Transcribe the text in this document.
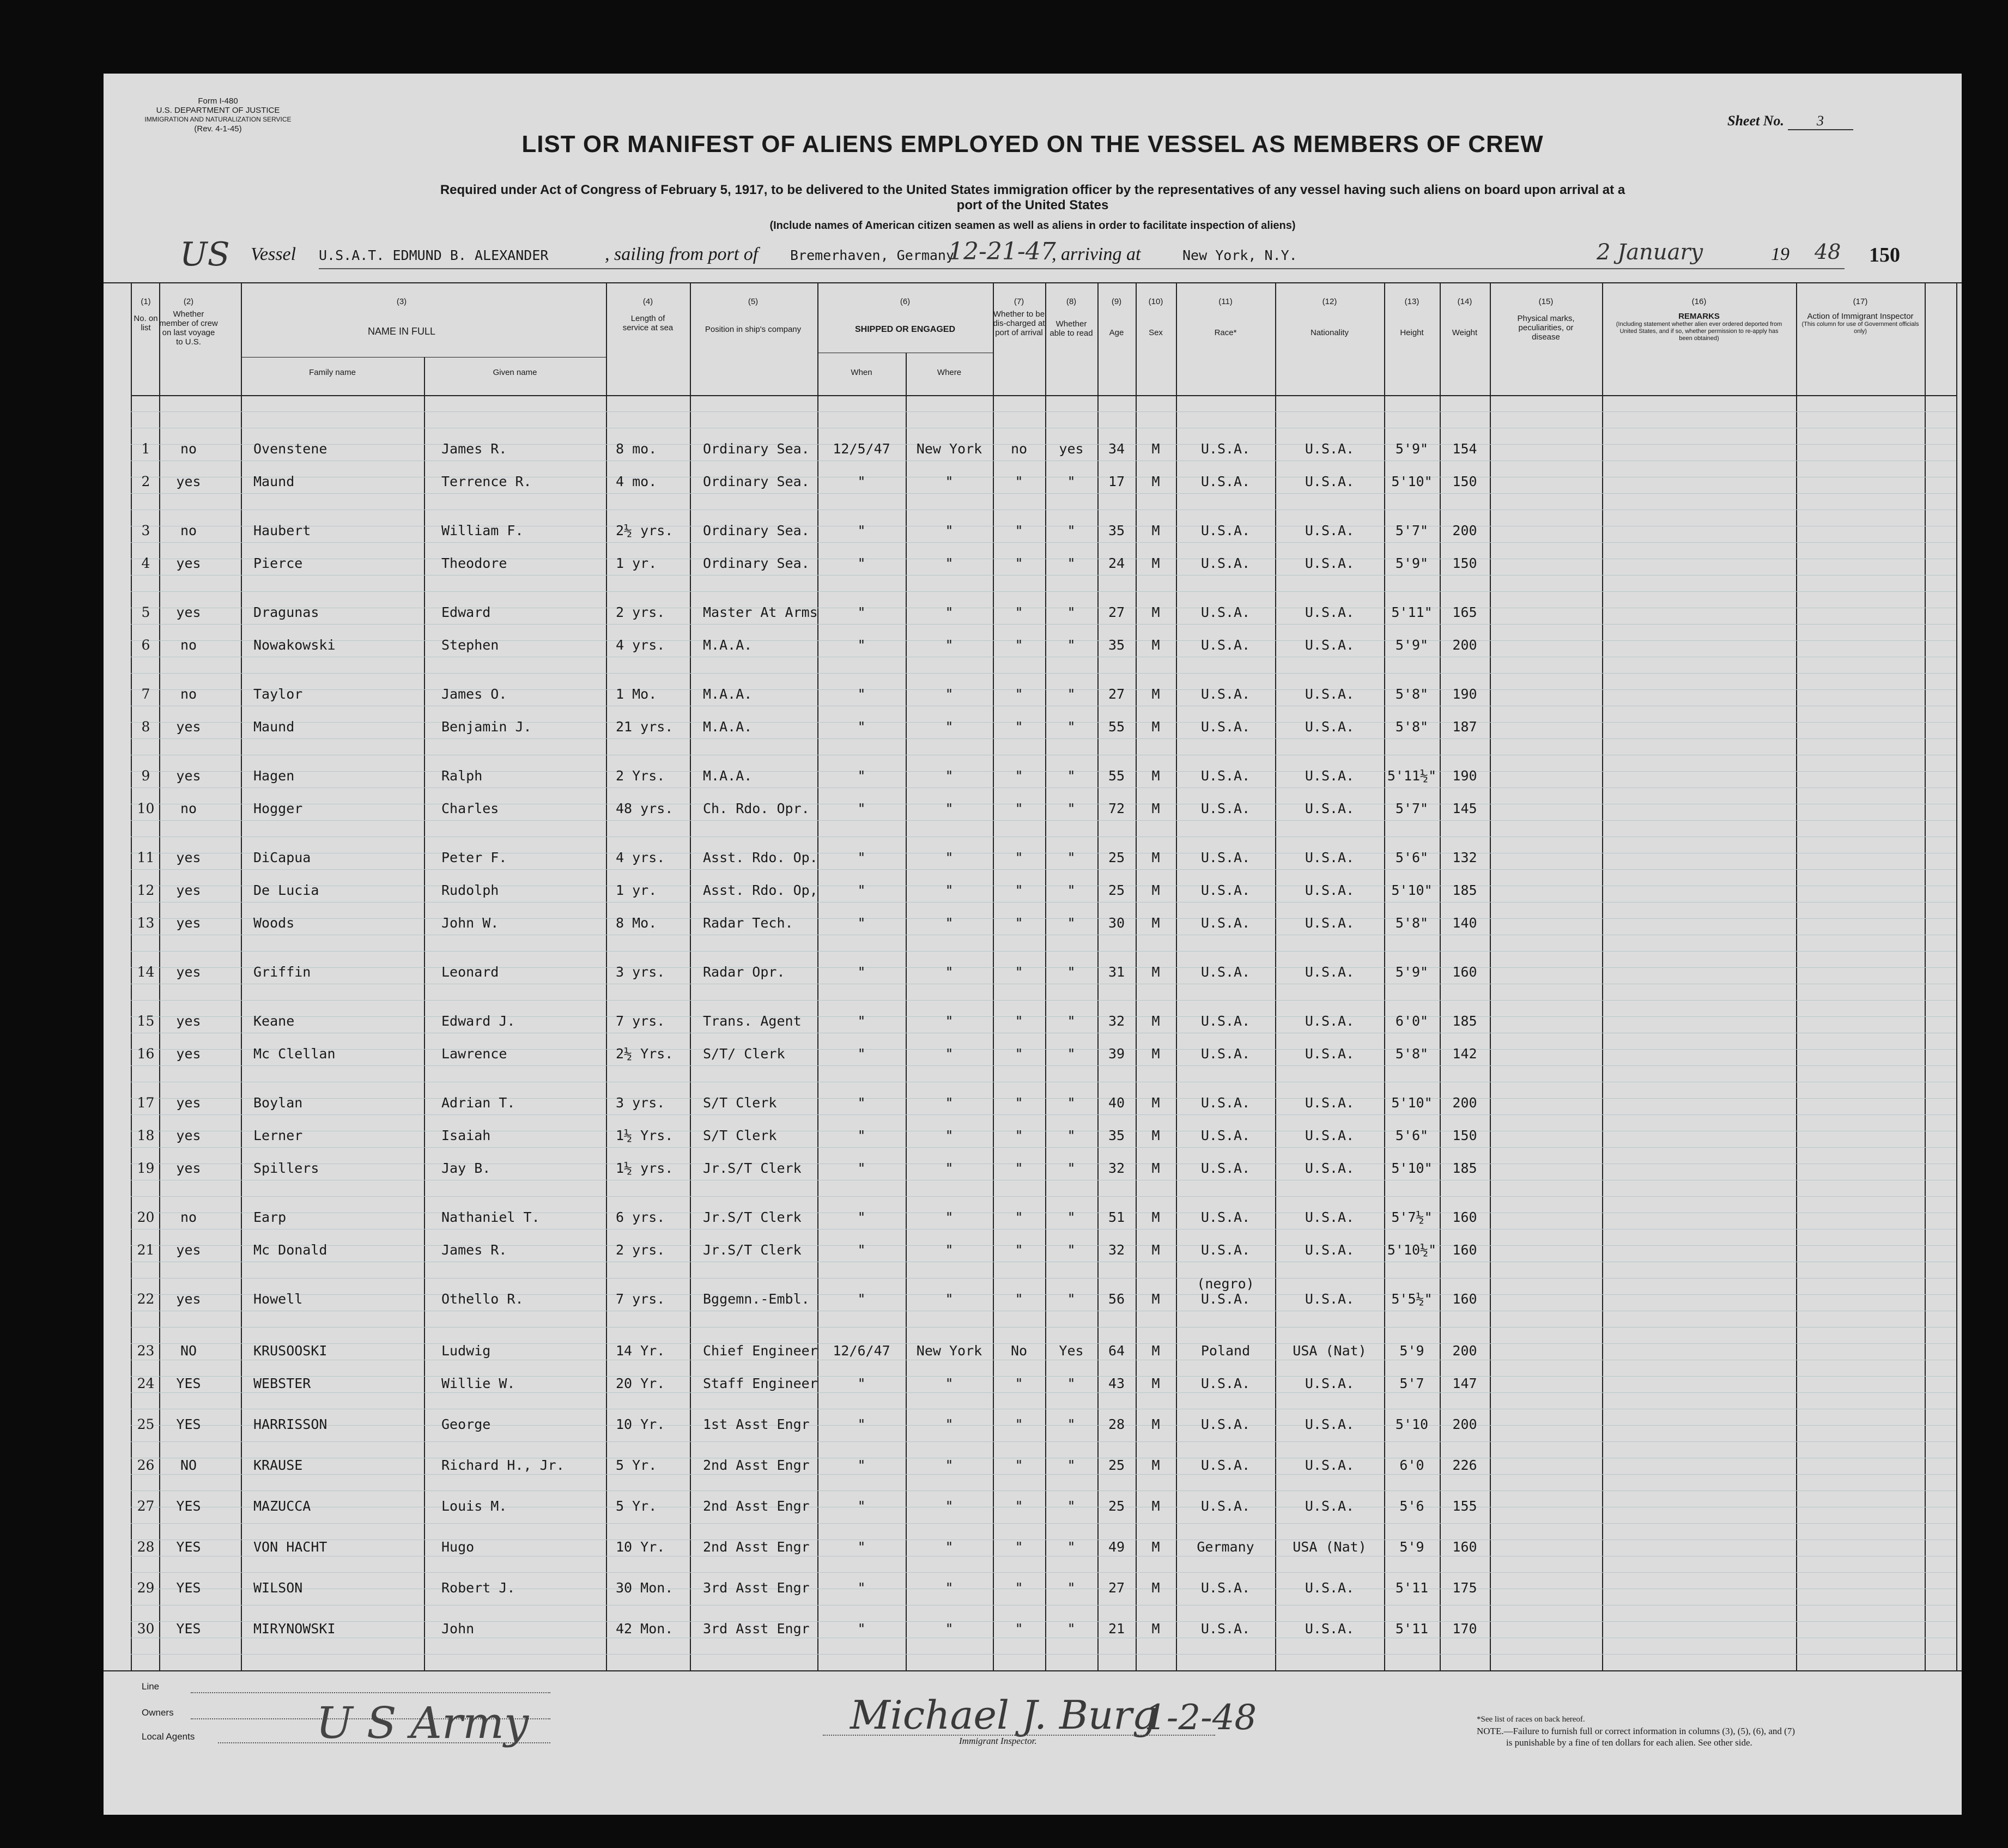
Form I-480
U.S. DEPARTMENT OF JUSTICE
IMMIGRATION AND NATURALIZATION SERVICE
(Rev. 4-1-45)
Sheet No. 3
LIST OR MANIFEST OF ALIENS EMPLOYED ON THE VESSEL AS MEMBERS OF CREW
Required under Act of Congress of February 5, 1917, to be delivered to the United States immigration officer by the representatives of any vessel having such aliens on board upon arrival at a
port of the United States
(Include names of American citizen seamen as well as aliens in order to facilitate inspection of aliens)
US Vessel U.S.A.T. EDMUND B. ALEXANDER	, sailing from port of Bremerhaven, Germany
12-21-47
, arriving at	New York, N.Y.	2 January	19 48 150
(1)
No. on list
(2)
Whether member of crew on last voyage to U.S.
(3)
NAME IN FULL
Family name	Given name
(4)
Length of service at sea
(5)
Position in ship's company
(6)
SHIPPED OR ENGAGED
When	Where
(7)
Whether to be dis-charged at port of arrival
(8)
Whether able to read
(9)
Age
(10)
Sex
(11)
Race*
(12)
Nationality
(13)
Height
(14)
Weight
(15)
Physical marks, peculiarities, or disease
(16)
REMARKS
(Including statement whether alien ever ordered deported from United States, and if so, whether permission to re-apply has been obtained)
(17)
Action of Immigrant Inspector
(This column for use of Government officials only)
1	no	Ovenstene	James R.	8 mo.	Ordinary Sea.	12/5/47	New York	no	yes	34	M	U.S.A.	U.S.A.	5'9"	154
2	yes	Maund	Terrence R.	4 mo.	Ordinary Sea.	"	"	"	"	17	M	U.S.A.	U.S.A.	5'10"	150
3	no	Haubert	William F.	2½ yrs.	Ordinary Sea.	"	"	"	"	35	M	U.S.A.	U.S.A.	5'7"	200
4	yes	Pierce	Theodore	1 yr.	Ordinary Sea.	"	"	"	"	24	M	U.S.A.	U.S.A.	5'9"	150
5	yes	Dragunas	Edward	2 yrs.	Master At Arms	"	"	"	"	27	M	U.S.A.	U.S.A.	5'11"	165
6	no	Nowakowski	Stephen	4 yrs.	M.A.A.	"	"	"	"	35	M	U.S.A.	U.S.A.	5'9"	200
7	no	Taylor	James O.	1 Mo.	M.A.A.	"	"	"	"	27	M	U.S.A.	U.S.A.	5'8"	190
8	yes	Maund	Benjamin J.	21 yrs.	M.A.A.	"	"	"	"	55	M	U.S.A.	U.S.A.	5'8"	187
9	yes	Hagen	Ralph	2 Yrs.	M.A.A.	"	"	"	"	55	M	U.S.A.	U.S.A.	5'11½"	190
10	no	Hogger	Charles	48 yrs.	Ch. Rdo. Opr.	"	"	"	"	72	M	U.S.A.	U.S.A.	5'7"	145
11	yes	DiCapua	Peter F.	4 yrs.	Asst. Rdo. Op.	"	"	"	"	25	M	U.S.A.	U.S.A.	5'6"	132
12	yes	De Lucia	Rudolph	1 yr.	Asst. Rdo. Op,	"	"	"	"	25	M	U.S.A.	U.S.A.	5'10"	185
13	yes	Woods	John W.	8 Mo.	Radar Tech.	"	"	"	"	30	M	U.S.A.	U.S.A.	5'8"	140
14	yes	Griffin	Leonard	3 yrs.	Radar Opr.	"	"	"	"	31	M	U.S.A.	U.S.A.	5'9"	160
15	yes	Keane	Edward J.	7 yrs.	Trans. Agent	"	"	"	"	32	M	U.S.A.	U.S.A.	6'0"	185
16	yes	Mc Clellan	Lawrence	2½ Yrs.	S/T/ Clerk	"	"	"	"	39	M	U.S.A.	U.S.A.	5'8"	142
17	yes	Boylan	Adrian T.	3 yrs.	S/T Clerk	"	"	"	"	40	M	U.S.A.	U.S.A.	5'10"	200
18	yes	Lerner	Isaiah	1½ Yrs.	S/T Clerk	"	"	"	"	35	M	U.S.A.	U.S.A.	5'6"	150
19	yes	Spillers	Jay B.	1½ yrs.	Jr.S/T Clerk	"	"	"	"	32	M	U.S.A.	U.S.A.	5'10"	185
20	no	Earp	Nathaniel T.	6 yrs.	Jr.S/T Clerk	"	"	"	"	51	M	U.S.A.	U.S.A.	5'7½"	160
21	yes	Mc Donald	James R.	2 yrs.	Jr.S/T Clerk	"	"	"	"	32	M	U.S.A.	U.S.A.	5'10½"	160
22	yes	Howell	Othello R.	7 yrs.	Bggemn.-Embl.	"	"	"	"	56	M	U.S.A.	U.S.A.	5'5½"	160
(negro)
23	NO	KRUSOOSKI	Ludwig	14 Yr.	Chief Engineer	12/6/47	New York	No	Yes	64	M	Poland	USA (Nat)	5'9	200
24	YES	WEBSTER	Willie W.	20 Yr.	Staff Engineer	"	"	"	"	43	M	U.S.A.	U.S.A.	5'7	147
25	YES	HARRISSON	George	10 Yr.	1st Asst Engr	"	"	"	"	28	M	U.S.A.	U.S.A.	5'10	200
26	NO	KRAUSE	Richard H., Jr.	5 Yr.	2nd Asst Engr	"	"	"	"	25	M	U.S.A.	U.S.A.	6'0	226
27	YES	MAZUCCA	Louis M.	5 Yr.	2nd Asst Engr	"	"	"	"	25	M	U.S.A.	U.S.A.	5'6	155
28	YES	VON HACHT	Hugo	10 Yr.	2nd Asst Engr	"	"	"	"	49	M	Germany	USA (Nat)	5'9	160
29	YES	WILSON	Robert J.	30 Mon.	3rd Asst Engr	"	"	"	"	27	M	U.S.A.	U.S.A.	5'11	175
30	YES	MIRYNOWSKI	John	42 Mon.	3rd Asst Engr	"	"	"	"	21	M	U.S.A.	U.S.A.	5'11	170
Line
Owners
Local Agents	U S Army	Michael J. Burg
1-2-48
Immigrant Inspector.
*See list of races on back hereof.
NOTE.—Failure to furnish full or correct information in columns (3), (5), (6), and (7)
is punishable by a fine of ten dollars for each alien. See other side.
